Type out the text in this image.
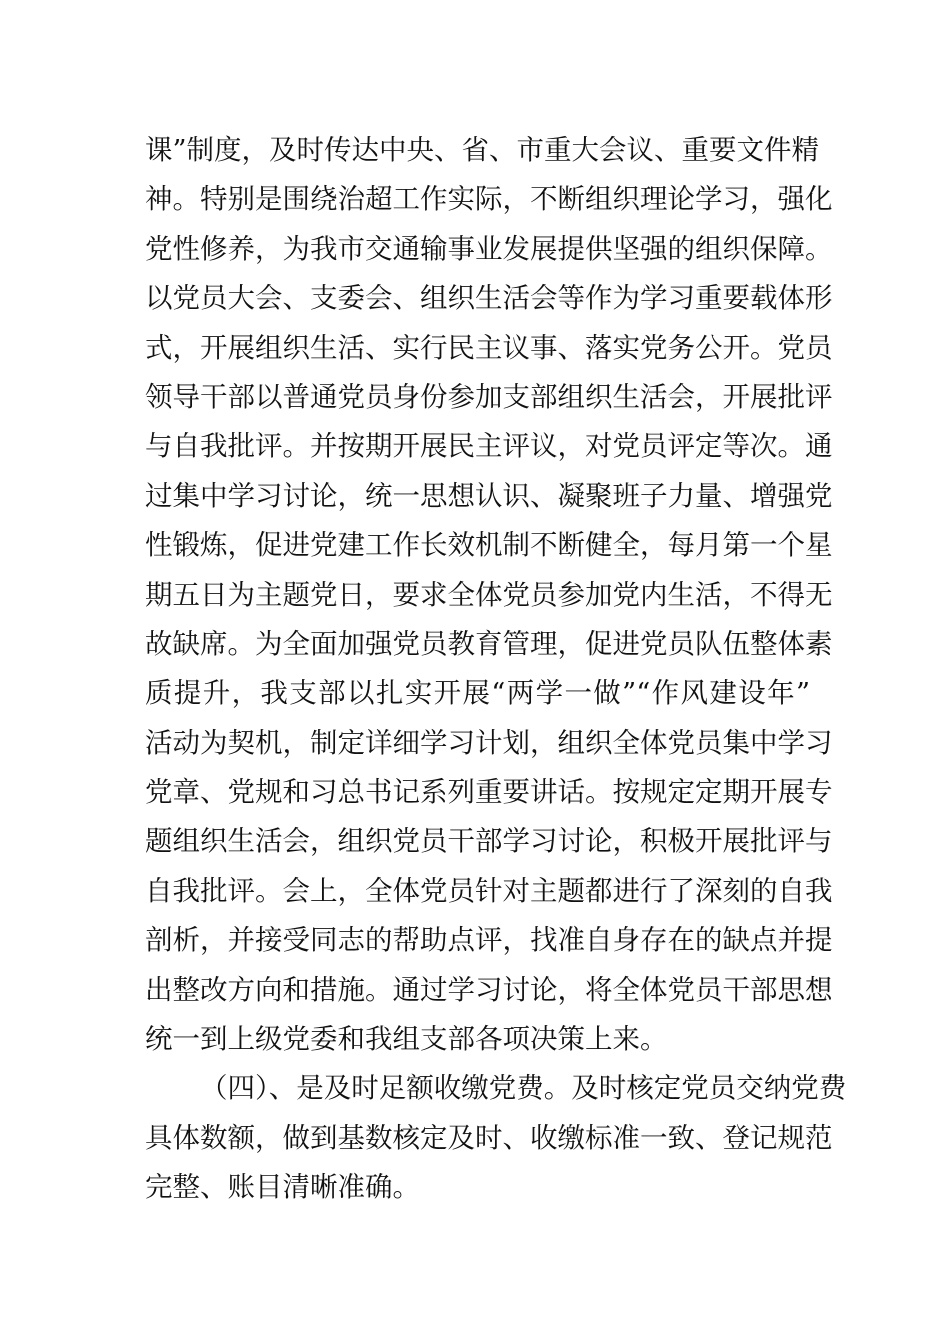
课”制度，及时传达中央、省、市重大会议、重要文件精
神。特别是围绕治超工作实际，不断组织理论学习，强化
党性修养，为我市交通输事业发展提供坚强的组织保障。
以党员大会、支委会、组织生活会等作为学习重要载体形
式，开展组织生活、实行民主议事、落实党务公开。党员
领导干部以普通党员身份参加支部组织生活会，开展批评
与自我批评。并按期开展民主评议，对党员评定等次。通
过集中学习讨论，统一思想认识、凝聚班子力量、增强党
性锻炼，促进党建工作长效机制不断健全，每月第一个星
期五日为主题党日，要求全体党员参加党内生活，不得无
故缺席。为全面加强党员教育管理，促进党员队伍整体素
质提升，我支部以扎实开展“两学一做”“作风建设年”
活动为契机，制定详细学习计划，组织全体党员集中学习
党章、党规和习总书记系列重要讲话。按规定定期开展专
题组织生活会，组织党员干部学习讨论，积极开展批评与
自我批评。会上，全体党员针对主题都进行了深刻的自我
剖析，并接受同志的帮助点评，找准自身存在的缺点并提
出整改方向和措施。通过学习讨论，将全体党员干部思想
统一到上级党委和我组支部各项决策上来。
（四）、是及时足额收缴党费。及时核定党员交纳党费
具体数额，做到基数核定及时、收缴标准一致、登记规范
完整、账目清晰准确。
